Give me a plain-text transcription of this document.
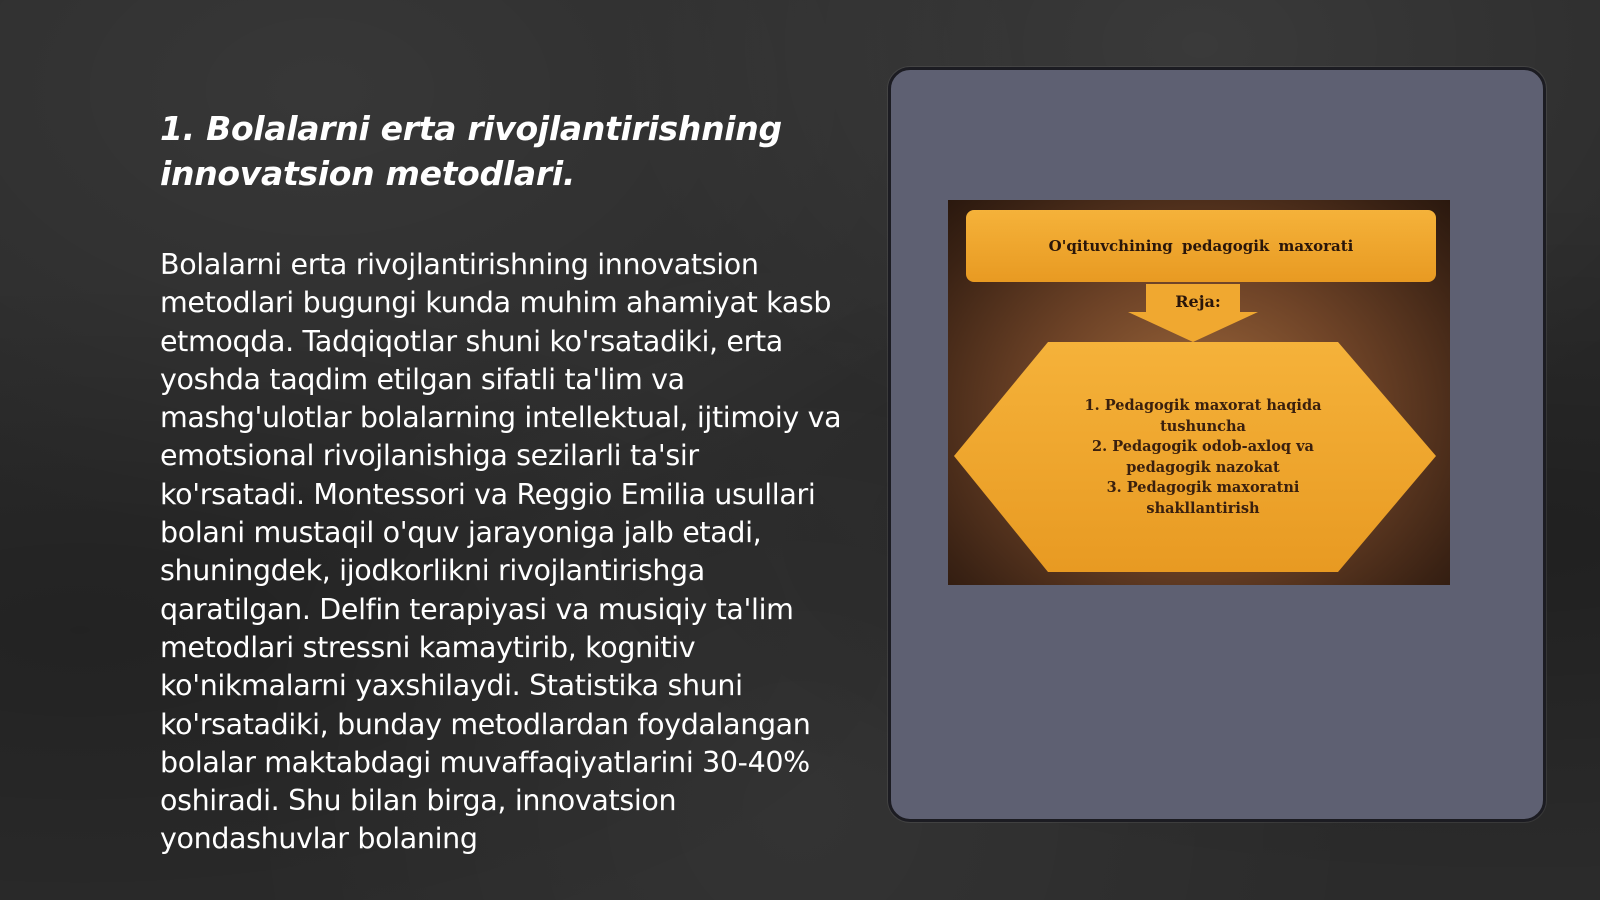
1. Bolalarni erta rivojlantirishning innovatsion metodlari.

Bolalarni erta rivojlantirishning innovatsion metodlari bugungi kunda muhim ahamiyat kasb etmoqda. Tadqiqotlar shuni ko'rsatadiki, erta yoshda taqdim etilgan sifatli ta'lim va mashg'ulotlar bolalarning intellektual, ijtimoiy va emotsional rivojlanishiga sezilarli ta'sir ko'rsatadi. Montessori va Reggio Emilia usullari bolani mustaqil o'quv jarayoniga jalb etadi, shuningdek, ijodkorlikni rivojlantirishga qaratilgan. Delfin terapiyasi va musiqiy ta'lim metodlari stressni kamaytirib, kognitiv ko'nikmalarni yaxshilaydi. Statistika shuni ko'rsatadiki, bunday metodlardan foydalangan bolalar maktabdagi muvaffaqiyatlarini 30-40% oshiradi. Shu bilan birga, innovatsion yondashuvlar bolaning

O'qituvchining pedagogik maxorati
Reja:
1. Pedagogik maxorat haqida tushuncha
2. Pedagogik odob-axloq va pedagogik nazokat
3. Pedagogik maxoratni shakllantirish
